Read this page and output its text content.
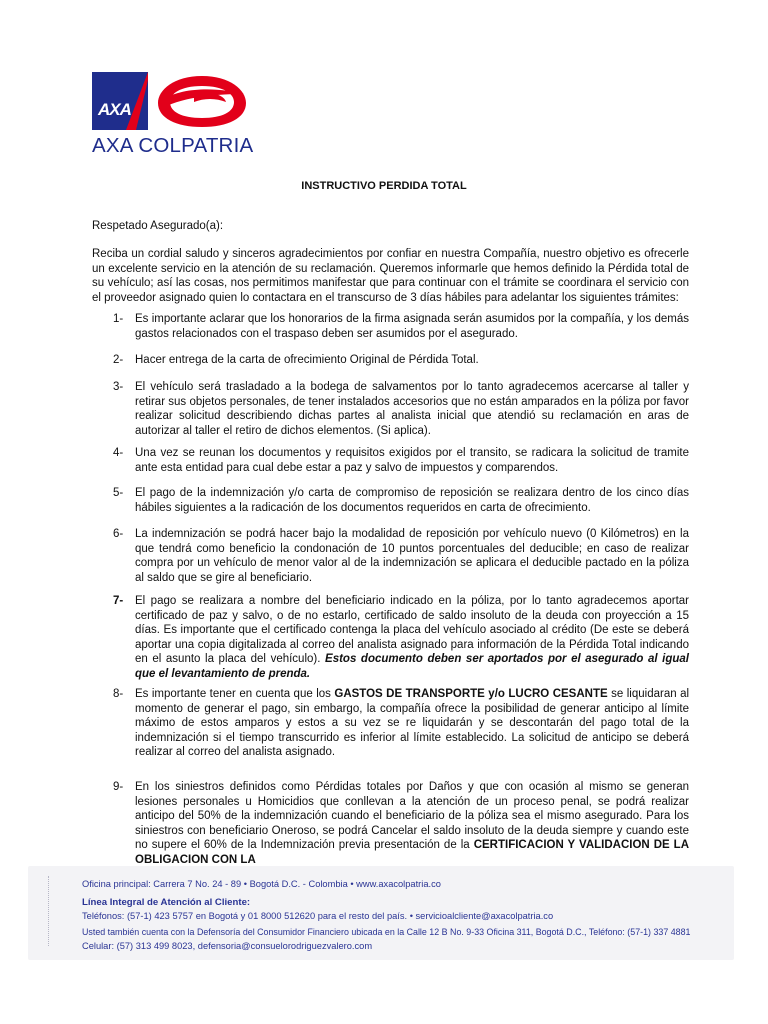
AXA
AXA COLPATRIA
INSTRUCTIVO PERDIDA TOTAL
Respetado Asegurado(a):
Reciba un cordial saludo y sinceros agradecimientos por confiar en nuestra Compañía, nuestro objetivo es ofrecerle un excelente servicio en la atención de su reclamación. Queremos informarle que hemos definido la Pérdida total de su vehículo; así las cosas, nos permitimos manifestar que para continuar con el trámite se coordinara el servicio con el proveedor asignado quien lo contactara en el transcurso de 3 días hábiles para adelantar los siguientes trámites:
1-	Es importante aclarar que los honorarios de la firma asignada serán asumidos por la compañía, y los demás gastos relacionados con el traspaso deben ser asumidos por el asegurado.
2-	Hacer entrega de la carta de ofrecimiento Original de Pérdida Total.
3-	El vehículo será trasladado a la bodega de salvamentos por lo tanto agradecemos acercarse al taller y retirar sus objetos personales, de tener instalados accesorios que no están amparados en la póliza por favor realizar solicitud describiendo dichas partes al analista inicial que atendió su reclamación en aras de autorizar al taller el retiro de dichos elementos. (Si aplica).
4-	Una vez se reunan los documentos y requisitos exigidos por el transito, se radicara la solicitud de tramite ante esta entidad para cual debe estar a paz y salvo de impuestos y comparendos.
5-	El pago de la indemnización y/o carta de compromiso de reposición se realizara dentro de los cinco días hábiles siguientes a la radicación de los documentos requeridos en carta de ofrecimiento.
6-	La indemnización se podrá hacer bajo la modalidad de reposición por vehículo nuevo (0 Kilómetros) en la que tendrá como beneficio la condonación de 10 puntos porcentuales del deducible; en caso de realizar compra por un vehículo de menor valor al de la indemnización se aplicara el deducible pactado en la póliza al saldo que se gire al beneficiario.
7-	El pago se realizara a nombre del beneficiario indicado en la póliza, por lo tanto agradecemos aportar certificado de paz y salvo, o de no estarlo, certificado de saldo insoluto de la deuda con proyección a 15 días. Es importante que el certificado contenga la placa del vehículo asociado al crédito (De este se deberá aportar una copia digitalizada al correo del analista asignado para información de la Pérdida Total indicando en el asunto la placa del vehículo). Estos documento deben ser aportados por el asegurado al igual que el levantamiento de prenda.
8-	Es importante tener en cuenta que los GASTOS DE TRANSPORTE y/o LUCRO CESANTE se liquidaran al momento de generar el pago, sin embargo, la compañía ofrece la posibilidad de generar anticipo al límite máximo de estos amparos y estos a su vez se re liquidarán y se descontarán del pago total de la indemnización si el tiempo transcurrido es inferior al límite establecido. La solicitud de anticipo se deberá realizar al correo del analista asignado.
9-	En los siniestros definidos como Pérdidas totales por Daños y que con ocasión al mismo se generan lesiones personales u Homicidios que conllevan a la atención de un proceso penal, se podrá realizar anticipo del 50% de la indemnización cuando el beneficiario de la póliza sea el mismo asegurado. Para los siniestros con beneficiario Oneroso, se podrá Cancelar el saldo insoluto de la deuda siempre y cuando este no supere el 60% de la Indemnización previa presentación de la CERTIFICACION Y VALIDACION DE LA OBLIGACION CON LA
Oficina principal: Carrera 7 No. 24 - 89 • Bogotá D.C. - Colombia • www.axacolpatria.co
Línea Integral de Atención al Cliente:
Teléfonos: (57-1) 423 5757 en Bogotá y 01 8000 512620 para el resto del país. • servicioalcliente@axacolpatria.co
Usted también cuenta con la Defensoría del Consumidor Financiero ubicada en la Calle 12 B No. 9-33 Oficina 311, Bogotá D.C., Teléfono: (57-1) 337 4881
Celular: (57) 313 499 8023, defensoria@consuelorodriguezvalero.com
